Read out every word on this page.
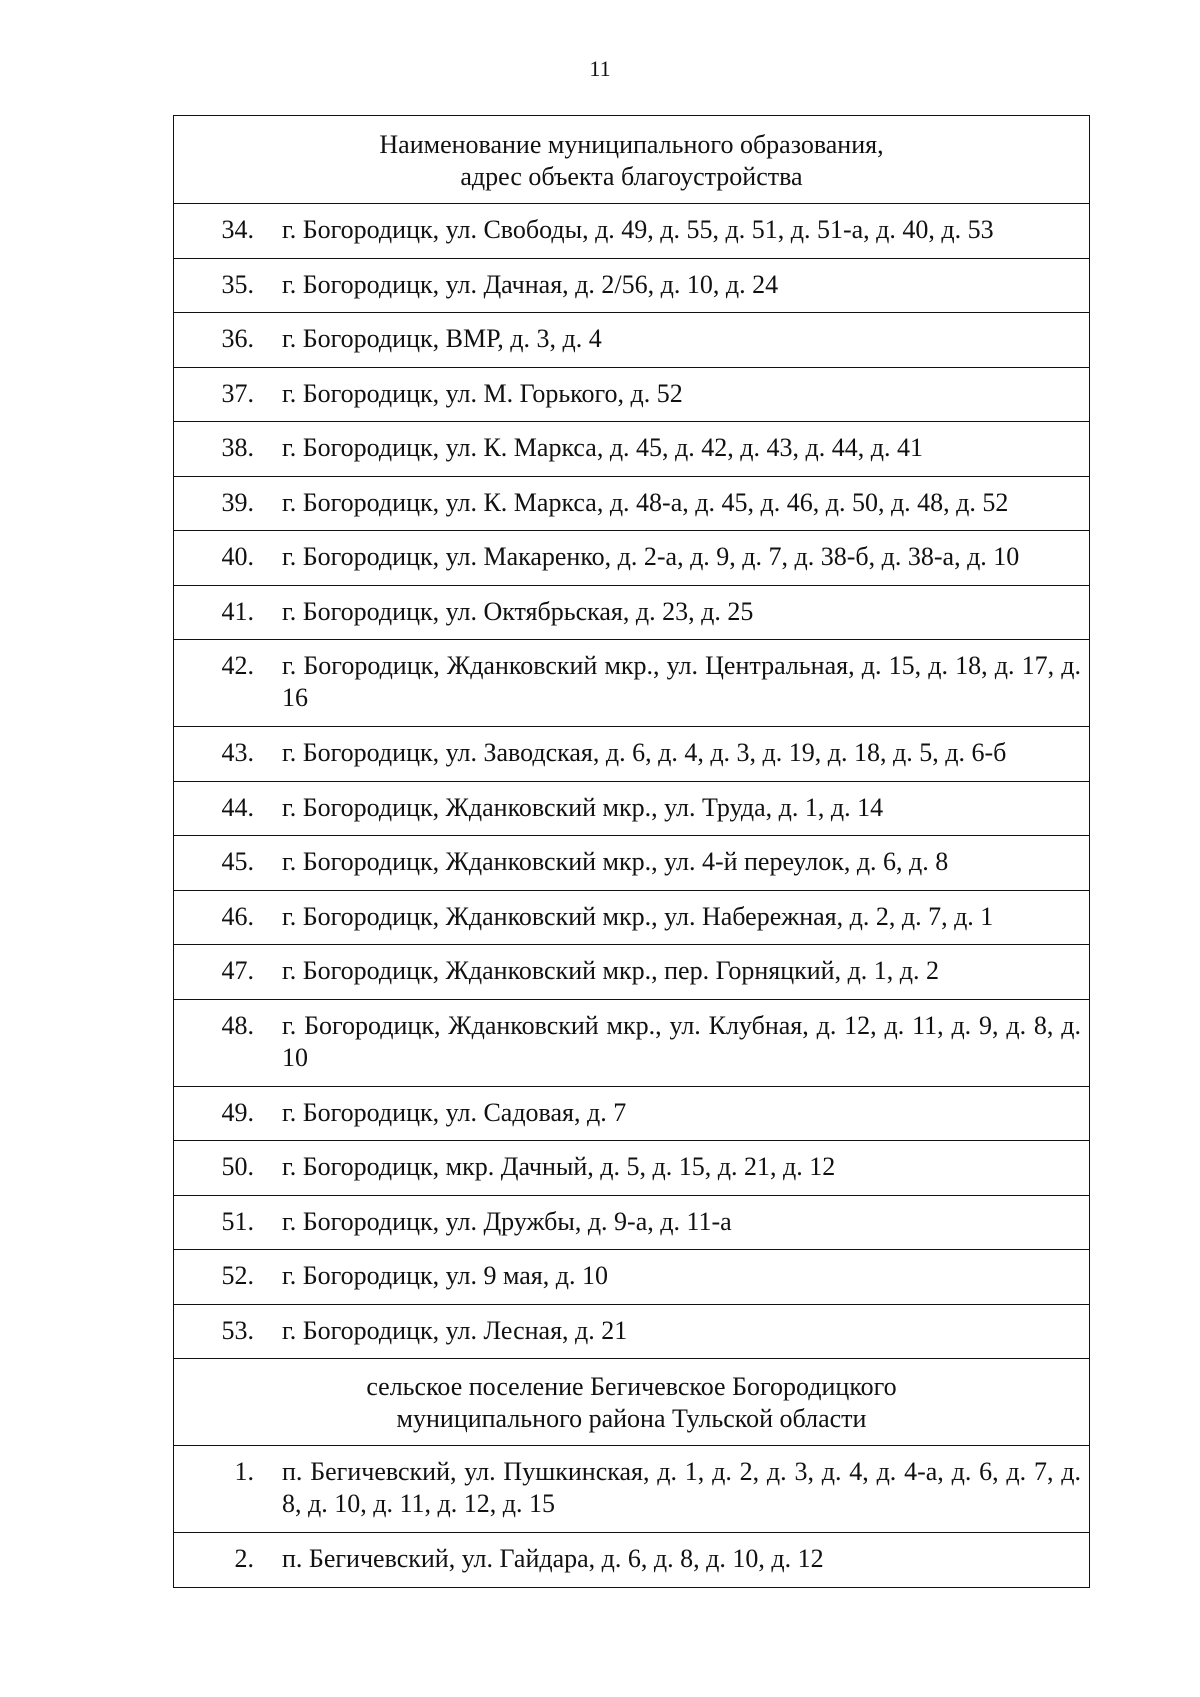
11
Наименование муниципального образования,
адрес объекта благоустройства
34.	г. Богородицк, ул. Свободы, д. 49, д. 55, д. 51, д. 51-а, д. 40, д. 53
35.	г. Богородицк, ул. Дачная, д. 2/56, д. 10, д. 24
36.	г. Богородицк, ВМР, д. 3, д. 4
37.	г. Богородицк, ул. М. Горького, д. 52
38.	г. Богородицк, ул. К. Маркса, д. 45, д. 42, д. 43, д. 44, д. 41
39.	г. Богородицк, ул. К. Маркса, д. 48-а, д. 45, д. 46, д. 50, д. 48, д. 52
40.	г. Богородицк, ул. Макаренко, д. 2-а, д. 9, д. 7, д. 38-б, д. 38-а, д. 10
41.	г. Богородицк, ул. Октябрьская, д. 23, д. 25
42.	г. Богородицк, Жданковский мкр., ул. Центральная, д. 15, д. 18, д. 17, д. 16
43.	г. Богородицк, ул. Заводская, д. 6, д. 4, д. 3, д. 19, д. 18, д. 5, д. 6-б
44.	г. Богородицк, Жданковский мкр., ул. Труда, д. 1, д. 14
45.	г. Богородицк, Жданковский мкр., ул. 4-й переулок, д. 6, д. 8
46.	г. Богородицк, Жданковский мкр., ул. Набережная, д. 2, д. 7, д. 1
47.	г. Богородицк, Жданковский мкр., пер. Горняцкий, д. 1, д. 2
48.	г. Богородицк, Жданковский мкр., ул. Клубная, д. 12, д. 11, д. 9, д. 8, д. 10
49.	г. Богородицк, ул. Садовая, д. 7
50.	г. Богородицк, мкр. Дачный, д. 5, д. 15, д. 21, д. 12
51.	г. Богородицк, ул. Дружбы, д. 9-а, д. 11-а
52.	г. Богородицк, ул. 9 мая, д. 10
53.	г. Богородицк, ул. Лесная, д. 21
сельское поселение Бегичевское Богородицкого
муниципального района Тульской области
1.	п. Бегичевский, ул. Пушкинская, д. 1, д. 2, д. 3, д. 4, д. 4-а, д. 6, д. 7, д. 8, д. 10, д. 11, д. 12, д. 15
2.	п. Бегичевский, ул. Гайдара, д. 6, д. 8, д. 10, д. 12
